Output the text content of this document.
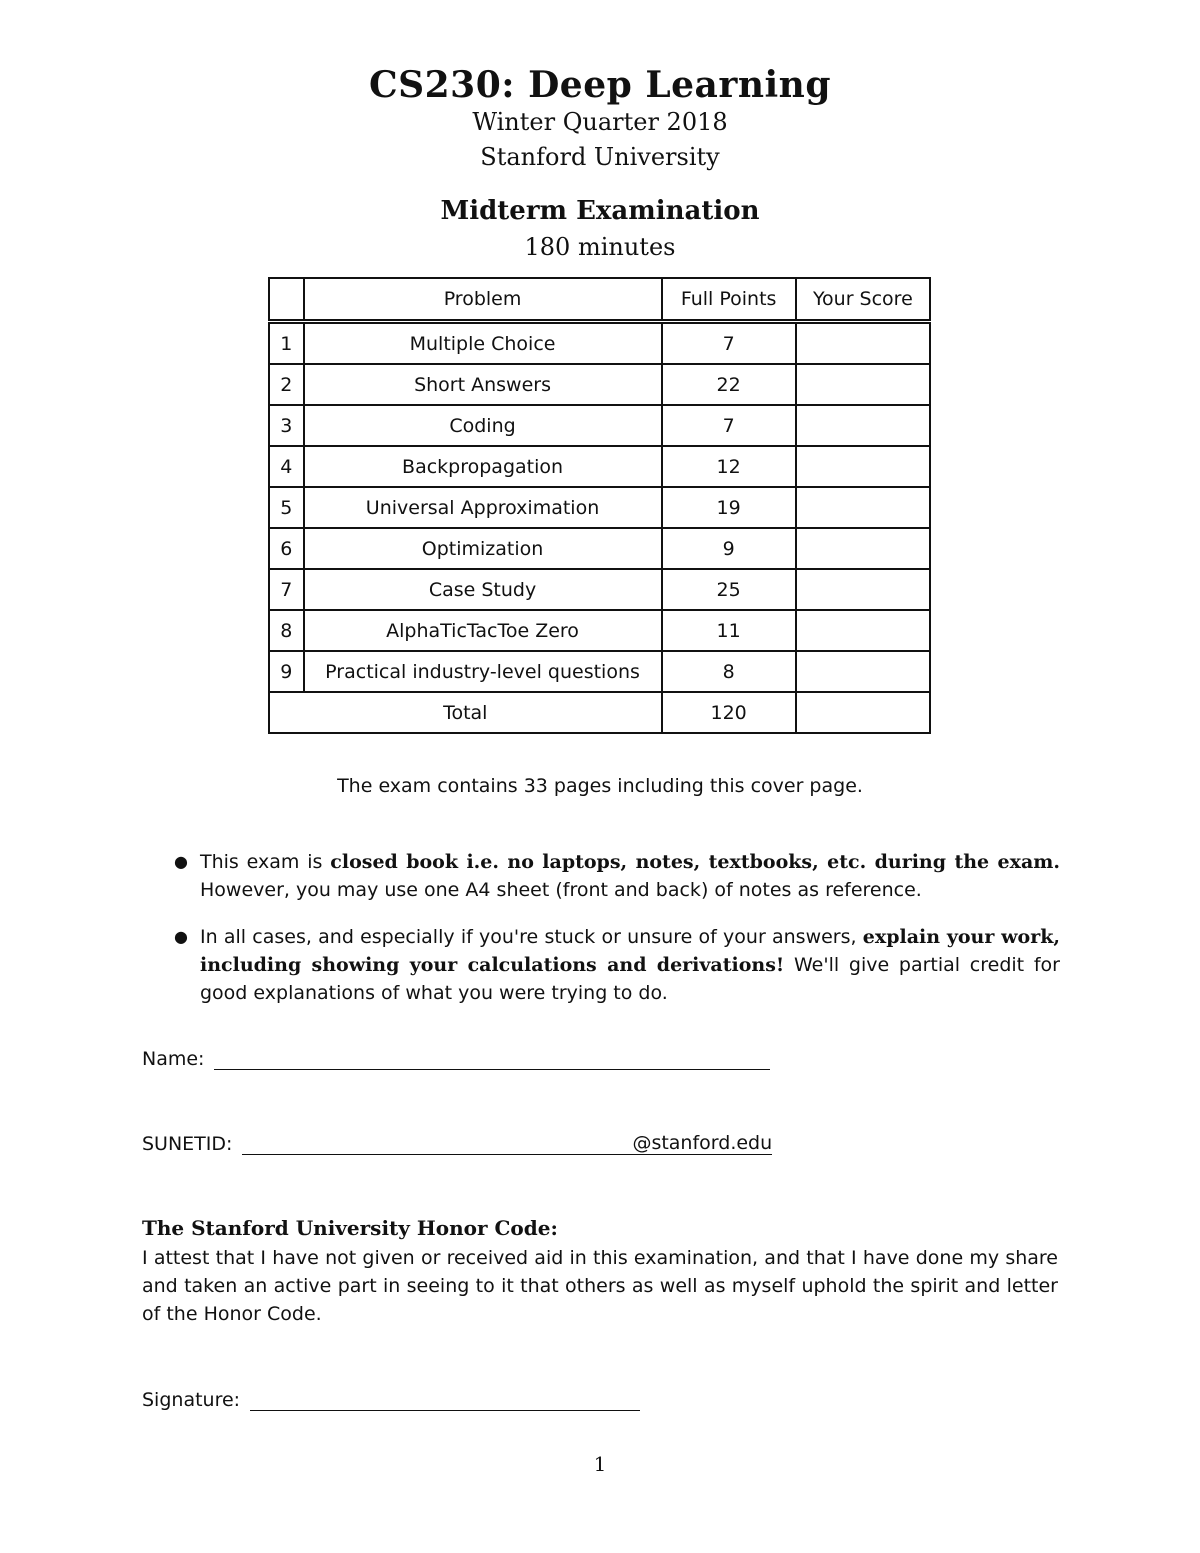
CS230: Deep Learning
Winter Quarter 2018
Stanford University
Midterm Examination
180 minutes
	Problem	Full Points	Your Score
1	Multiple Choice	7	
2	Short Answers	22	
3	Coding	7	
4	Backpropagation	12	
5	Universal Approximation	19	
6	Optimization	9	
7	Case Study	25	
8	AlphaTicTacToe Zero	11	
9	Practical industry-level questions	8	
Total		120	
The exam contains 33 pages including this cover page.
● This exam is closed book i.e. no laptops, notes, textbooks, etc. during the exam. However, you may use one A4 sheet (front and back) of notes as reference.
● In all cases, and especially if you're stuck or unsure of your answers, explain your work, including showing your calculations and derivations! We'll give partial credit for good explanations of what you were trying to do.
Name:
SUNETID:	@stanford.edu
The Stanford University Honor Code:
I attest that I have not given or received aid in this examination, and that I have done my share and taken an active part in seeing to it that others as well as myself uphold the spirit and letter of the Honor Code.
Signature:
1
